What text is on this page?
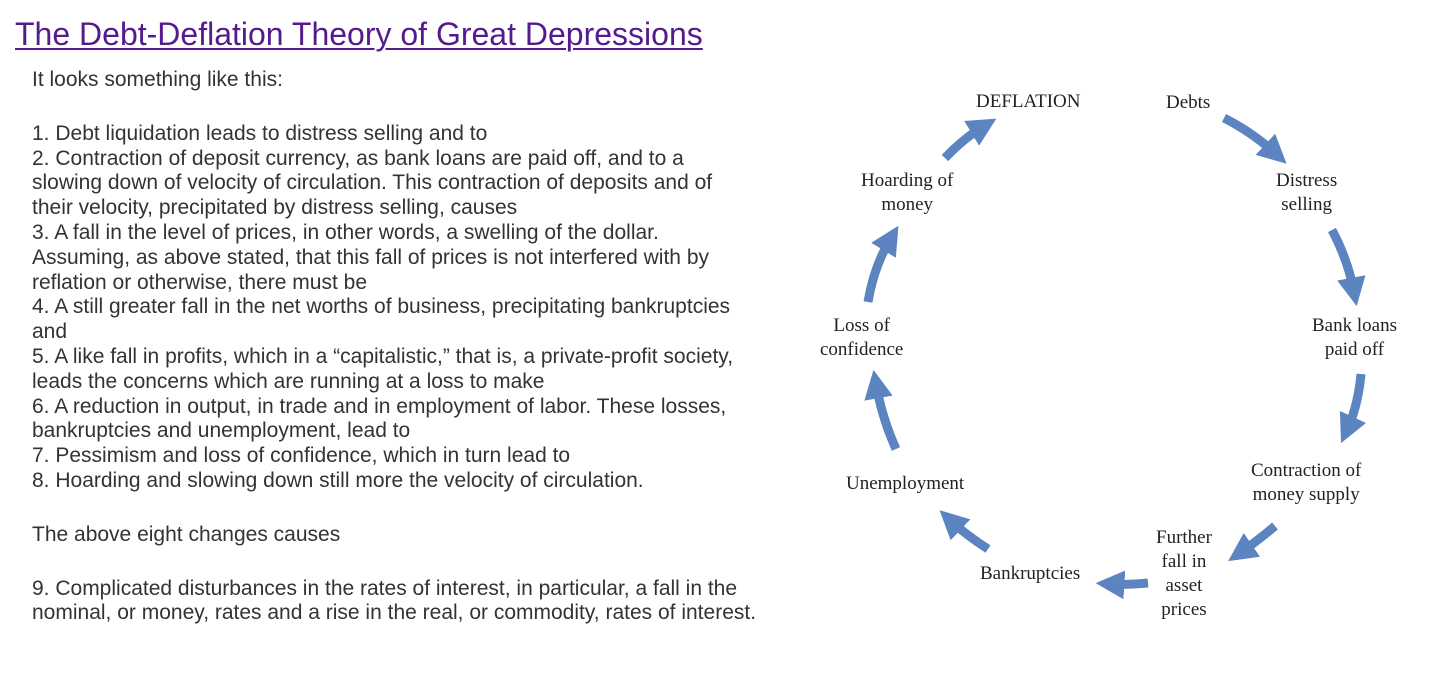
The Debt-Deflation Theory of Great Depressions

It looks something like this:

1. Debt liquidation leads to distress selling and to

2. Contraction of deposit currency, as bank loans are paid off, and to a

slowing down of velocity of circulation. This contraction of deposits and of

their velocity, precipitated by distress selling, causes

3. A fall in the level of prices, in other words, a swelling of the dollar.

Assuming, as above stated, that this fall of prices is not interfered with by

reflation or otherwise, there must be

4. A still greater fall in the net worths of business, precipitating bankruptcies

and

5. A like fall in profits, which in a “capitalistic,” that is, a private-profit society,

leads the concerns which are running at a loss to make

6. A reduction in output, in trade and in employment of labor. These losses,

bankruptcies and unemployment, lead to

7. Pessimism and loss of confidence, which in turn lead to

8. Hoarding and slowing down still more the velocity of circulation.

The above eight changes causes

9. Complicated disturbances in the rates of interest, in particular, a fall in the

nominal, or money, rates and a rise in the real, or commodity, rates of interest.

DEFLATION	Debts
Distress
selling
Bank loans
paid off
Contraction of
money supply
Further
fall in
asset
prices
Bankruptcies
Unemployment
Loss of
confidence
Hoarding of
money
